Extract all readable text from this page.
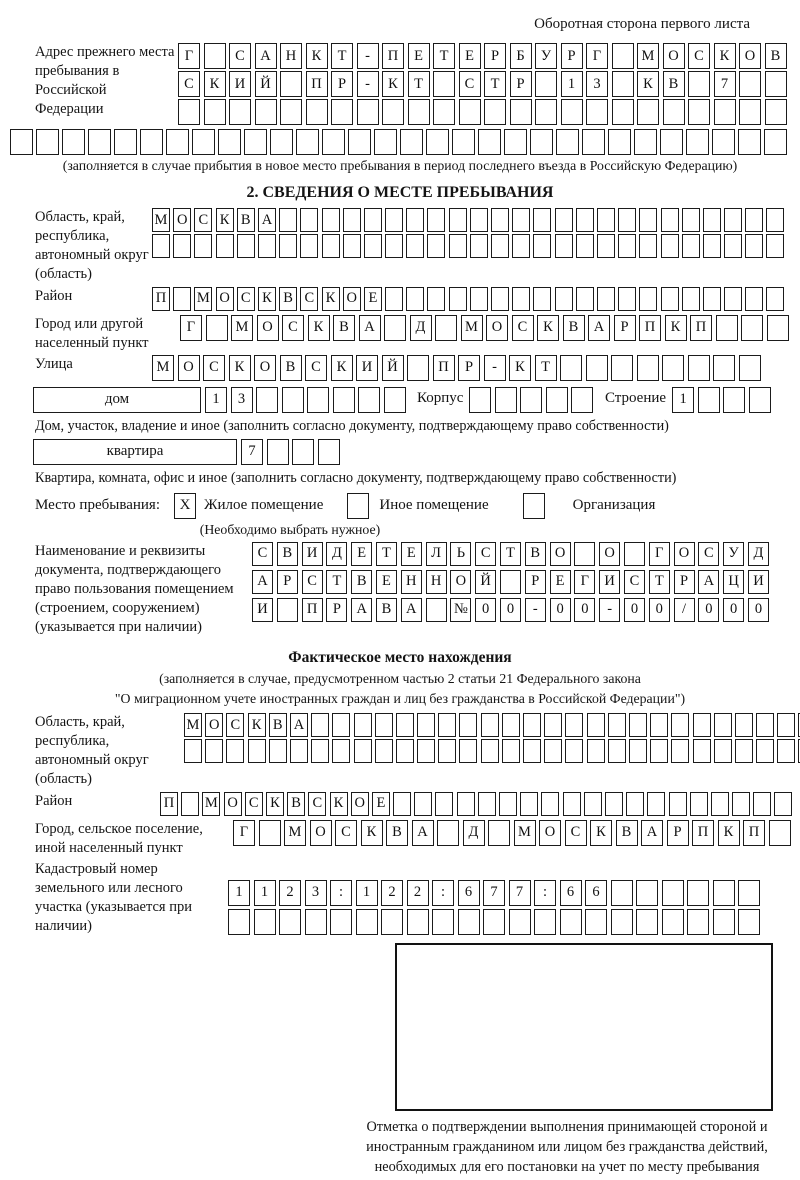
Оборотная сторона первого листа
Адрес прежнего места пребывания в Российской Федерации
Г	С А Н К Т - П Е Т Е Р Б У Р Г	М О С К О В
С К И Й	П Р - К Т	С Т Р	1 3	К В	7
(заполняется в случае прибытия в новое место пребывания в период последнего въезда в Российскую Федерацию)
2. СВЕДЕНИЯ О МЕСТЕ ПРЕБЫВАНИЯ
Область, край, республика, автономный округ (область)
М О С К В А
Район	П М О С К В С К О Е
Город или другой населенный пункт
Г	М О С К В А	Д	М О С К В А Р П К П
Улица	М О С К О В С К И Й	П Р - К Т
дом	1 3	Корпус	Строение 1
Дом, участок, владение и иное (заполнить согласно документу, подтверждающему право собственности)
квартира	7
Квартира, комната, офис и иное (заполнить согласно документу, подтверждающему право собственности)
Место пребывания:	X Жилое помещение	Иное помещение	Организация
(Необходимо выбрать нужное)
Наименование и реквизиты документа, подтверждающего право пользования помещением (строением, сооружением) (указывается при наличии)
С В И Д Е Т Е Л Ь С Т В О	О	Г О С У Д
А Р С Т В Е Н Н О Й	Р Е Г И С Т Р А Ц И
И	П Р А В А	№ 0 0 - 0 0 - 0 0 / 0 0 0
Фактическое место нахождения
(заполняется в случае, предусмотренном частью 2 статьи 21 Федерального закона
"О миграционном учете иностранных граждан и лиц без гражданства в Российской Федерации")
Область, край, республика, автономный округ (область)
М О С К В А
Район	П М О С К В С К О Е
Город, сельское поселение, иной населенный пункт
Г	М О С К В А	Д	М О С К В А Р П К П
Кадастровый номер земельного или лесного участка (указывается при наличии)
1 1 2 3 : 1 2 2 : 6 7 7 : 6 6
Отметка о подтверждении выполнения принимающей стороной и иностранным гражданином или лицом без гражданства действий, необходимых для его постановки на учет по месту пребывания
